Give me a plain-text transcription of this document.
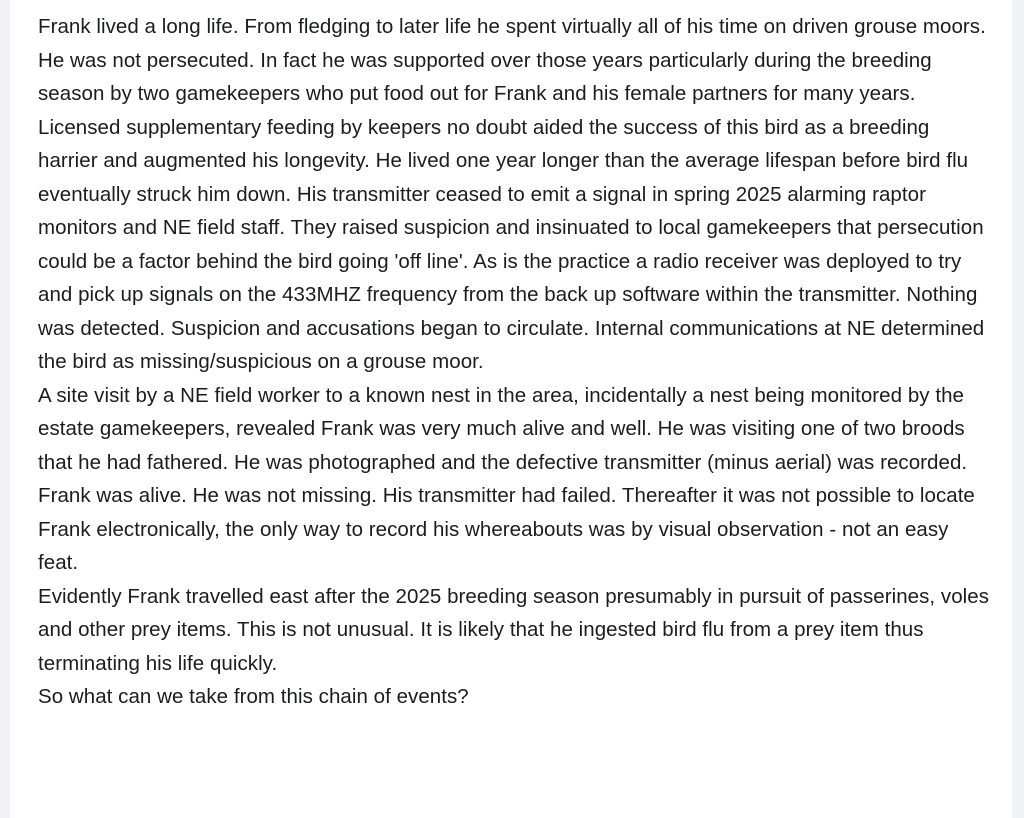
Frank lived a long life. From fledging to later life he spent virtually all of his time on driven grouse moors. He was not persecuted. In fact he was supported over those years particularly during the breeding season by two gamekeepers who put food out for Frank and his female partners for many years. Licensed supplementary feeding by keepers no doubt aided the success of this bird as a breeding harrier and augmented his longevity. He lived one year longer than the average lifespan before bird flu eventually struck him down. His transmitter ceased to emit a signal in spring 2025 alarming raptor monitors and NE field staff. They raised suspicion and insinuated to local gamekeepers that persecution could be a factor behind the bird going 'off line'. As is the practice a radio receiver was deployed to try and pick up signals on the 433MHZ frequency from the back up software within the transmitter. Nothing was detected. Suspicion and accusations began to circulate. Internal communications at NE determined the bird as missing/suspicious on a grouse moor.

A site visit by a NE field worker to a known nest in the area, incidentally a nest being monitored by the estate gamekeepers, revealed Frank was very much alive and well. He was visiting one of two broods that he had fathered. He was photographed and the defective transmitter (minus aerial) was recorded. Frank was alive. He was not missing. His transmitter had failed. Thereafter it was not possible to locate Frank electronically, the only way to record his whereabouts was by visual observation - not an easy feat.

Evidently Frank travelled east after the 2025 breeding season presumably in pursuit of passerines, voles and other prey items. This is not unusual. It is likely that he ingested bird flu from a prey item thus terminating his life quickly.

So what can we take from this chain of events?
